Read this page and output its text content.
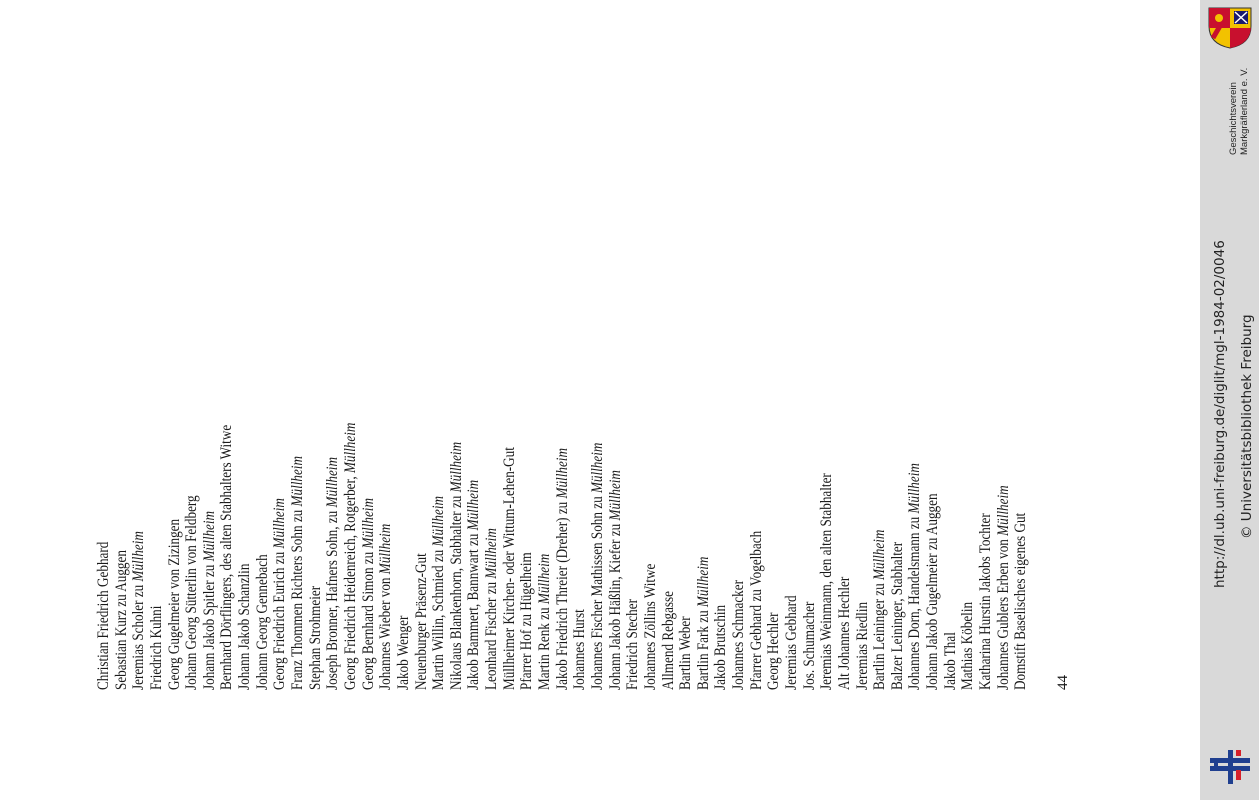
Christian Friedrich Gebhard Sebastian Kurz zu Auggen Jeremias Scholer zu Müllheim
Friedrich Kuhni Georg Gugelmeier von Zizingen Johann Georg Sütterlin von Feldberg Johann Jakob Spitler zu Müllheim Bernhard Dörflingers, des alten Stabhalters Witwe Johann Jakob Schanzlin Johann Georg Gennebach Georg Friedrich Eurich zu Müllheim Franz Thommen Richters Sohn zu Müllheim
Stephan Strohmeier Joseph Bronner, Hafners Sohn, zu Müllheim Georg Friedrich Heidenreich, Rotgerber, Müllheim
Georg Bernhard Simon zu Müllheim
Johannes Wieber von Müllheim
Jakob Wenger Neuenburger Präsenz-Gut Martin Willin, Schmied zu Müllheim Nikolaus Blankenhorn, Stabhalter zu Müllheim
Jakob Bammert, Bannwart zu Müllheim
Leonhard Fischer zu Müllheim Müllheimer Kirchen- oder Wittum-Lehen-Gut Pfarrer Hof zu Hügelheim Martin Renk zu Müllheim Jakob Friedrich Threier (Dreher) zu Müllheim
Johannes Hurst Johannes Fischer Mathissen Sohn zu Müllheim
Johann Jakob Häßlin, Kiefer zu Müllheim
Friedrich Stecher Johannes Zöllins Witwe Allmend Rebgasse Bartlin Weber Bartlin Fark zu Müllheim
Jakob Brutschin Johannes Schmacker Pfarrer Gebhard zu Vogelbach Georg Hechler Jeremias Gebhard Jos. Schumacher Jeremias Weinmann, den alten Stabhalter Alt Johannes Hechler Jeremias Riedlin Bartlin Leininger zu Müllheim Balzer Leininger, Stabhalter Johannes Dorn, Handelsmann zu Müllheim
Johann Jakob Gugelmeier zu Auggen Jakob Thal Mathias Köbelin Katharina Hurstin Jakobs Tochter Johannes Gublers Erben von Müllheim
Domstift Baselisches eigenes Gut 44
Geschichtsverein Markgräflerland e. V.
http://dl.ub.uni-freiburg.de/diglit/mgl-1984-02/0046 © Universitätsbibliothek Freiburg
